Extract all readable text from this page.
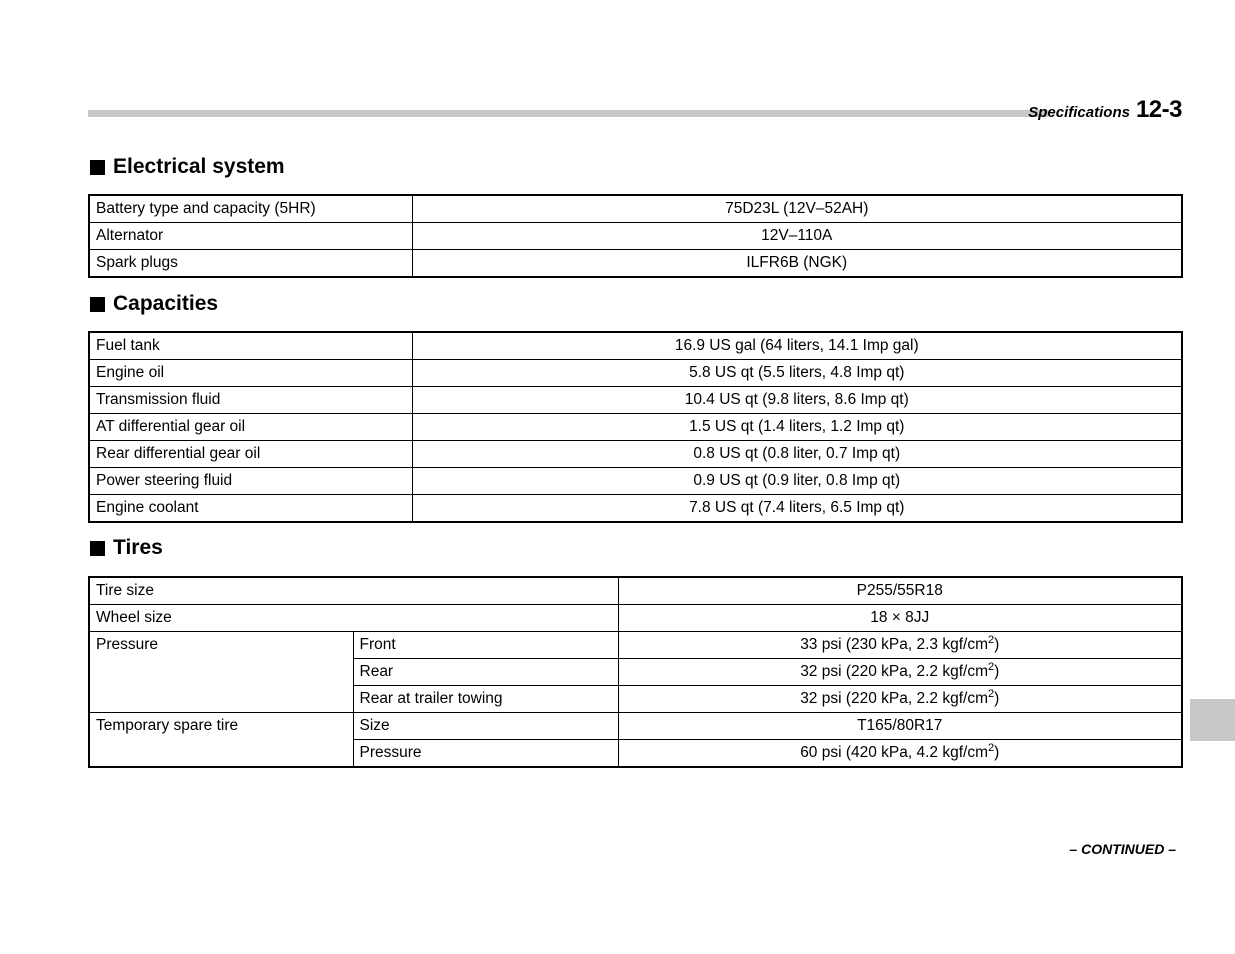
Specifications 12-3
Electrical system
Battery type and capacity (5HR)	75D23L (12V–52AH)
Alternator	12V–110A
Spark plugs	ILFR6B (NGK)
Capacities
Fuel tank	16.9 US gal (64 liters, 14.1 Imp gal)
Engine oil	5.8 US qt (5.5 liters, 4.8 Imp qt)
Transmission fluid	10.4 US qt (9.8 liters, 8.6 Imp qt)
AT differential gear oil	1.5 US qt (1.4 liters, 1.2 Imp qt)
Rear differential gear oil	0.8 US qt (0.8 liter, 0.7 Imp qt)
Power steering fluid	0.9 US qt (0.9 liter, 0.8 Imp qt)
Engine coolant	7.8 US qt (7.4 liters, 6.5 Imp qt)
Tires
Tire size		P255/55R18
Wheel size		18 × 8JJ
Pressure	Front	33 psi (230 kPa, 2.3 kgf/$cm^2$)
	Rear	32 psi (220 kPa, 2.2 kgf/$cm^2$)
	Rear at trailer towing	32 psi (220 kPa, 2.2 kgf/$cm^2$)
Temporary spare tire	Size	T165/80R17
	Pressure	60 psi (420 kPa, 4.2 kgf/$cm^2$)
– CONTINUED –
